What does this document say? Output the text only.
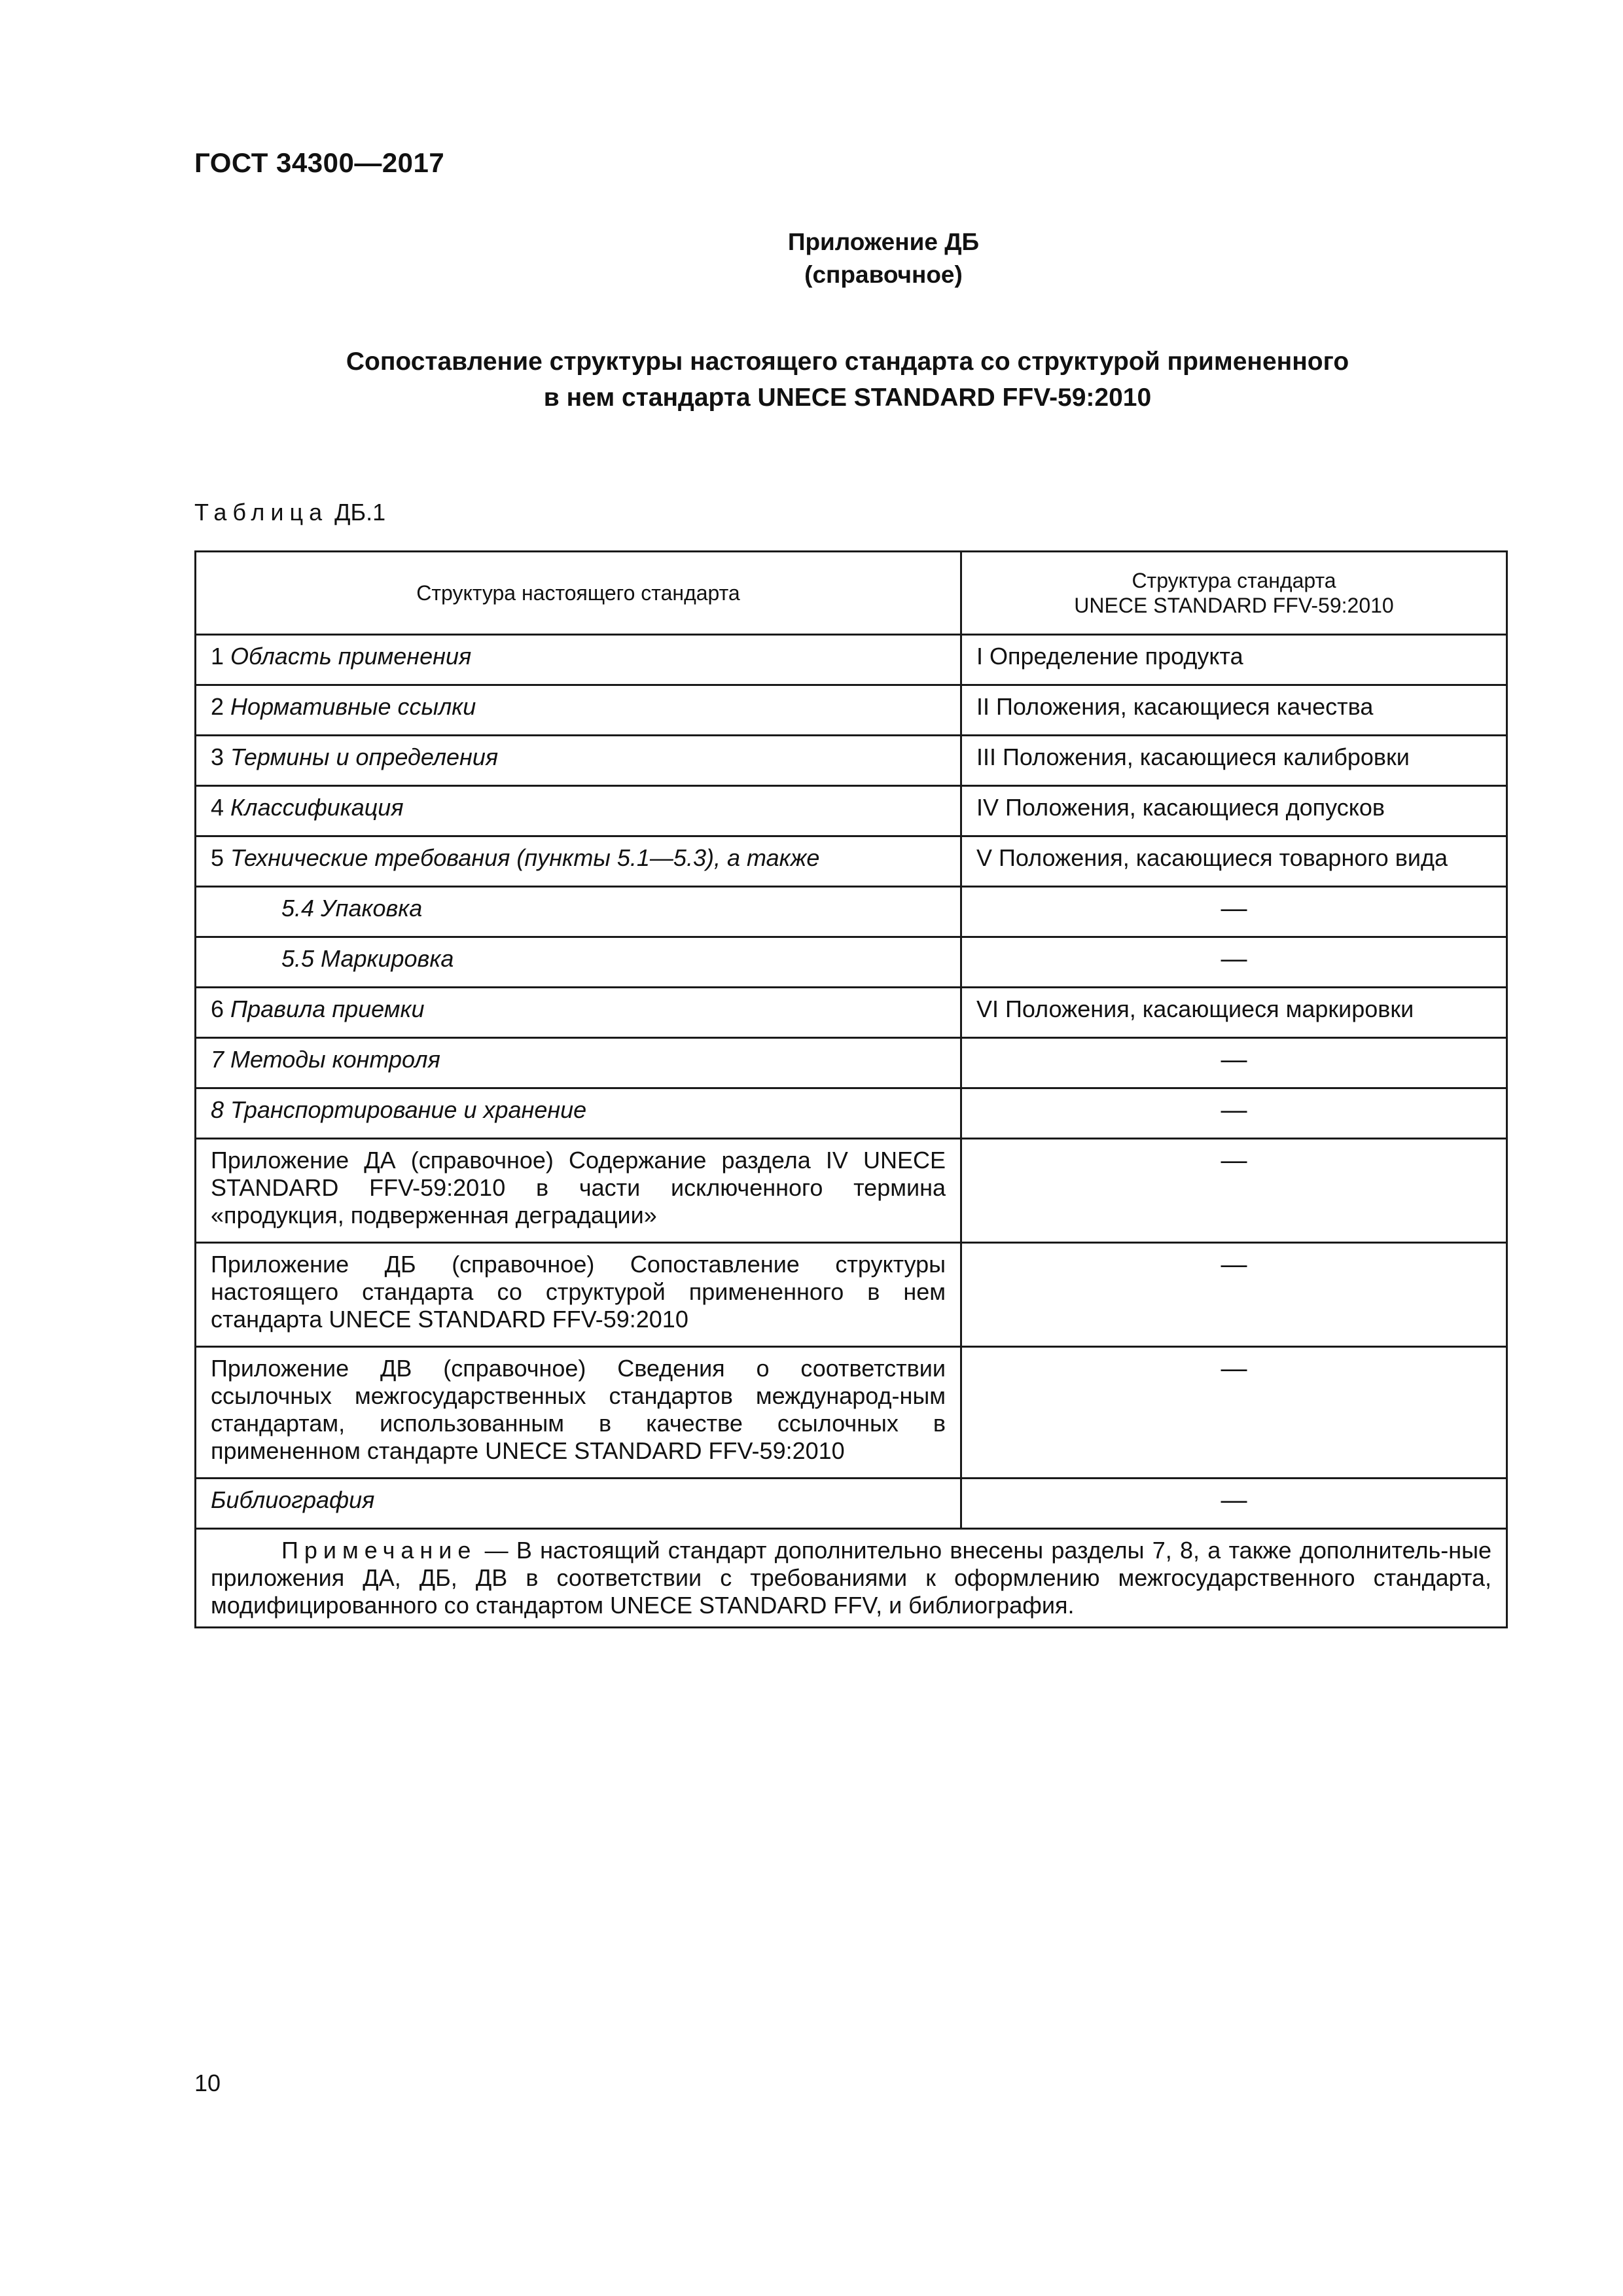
ГОСТ 34300—2017
Приложение ДБ
(справочное)
Сопоставление структуры настоящего стандарта со структурой примененного
в нем стандарта UNECE STANDARD FFV-59:2010
Таблица ДБ.1
Структура настоящего стандарта	Структура стандарта
UNECE STANDARD FFV-59:2010

1 Область применения	I Определение продукта
2 Нормативные ссылки	II Положения, касающиеся качества
3 Термины и определения	III Положения, касающиеся калибровки
4 Классификация	IV Положения, касающиеся допусков
5 Технические требования (пункты 5.1—5.3), а также	V Положения, касающиеся товарного вида
5.4 Упаковка	—
5.5 Маркировка	—
6 Правила приемки	VI Положения, касающиеся маркировки
7 Методы контроля	—
8 Транспортирование и хранение	—
Приложение ДА (справочное) Содержание раздела IV UNECE STANDARD FFV-59:2010 в части исключенного термина «продукция, подверженная деградации»	—
Приложение ДБ (справочное) Сопоставление структуры настоящего стандарта со структурой примененного в нем стандарта UNECE STANDARD FFV-59:2010	—
Приложение ДВ (справочное) Сведения о соответствии ссылочных межгосударственных стандартов международ-ным стандартам, использованным в качестве ссылочных в примененном стандарте UNECE STANDARD FFV-59:2010	—
Библиография	—
Примечание — В настоящий стандарт дополнительно внесены разделы 7, 8, а также дополнитель-ные приложения ДА, ДБ, ДВ в соответствии с требованиями к оформлению межгосударственного стандарта, модифицированного со стандартом UNECE STANDARD FFV, и библиография.	
10
